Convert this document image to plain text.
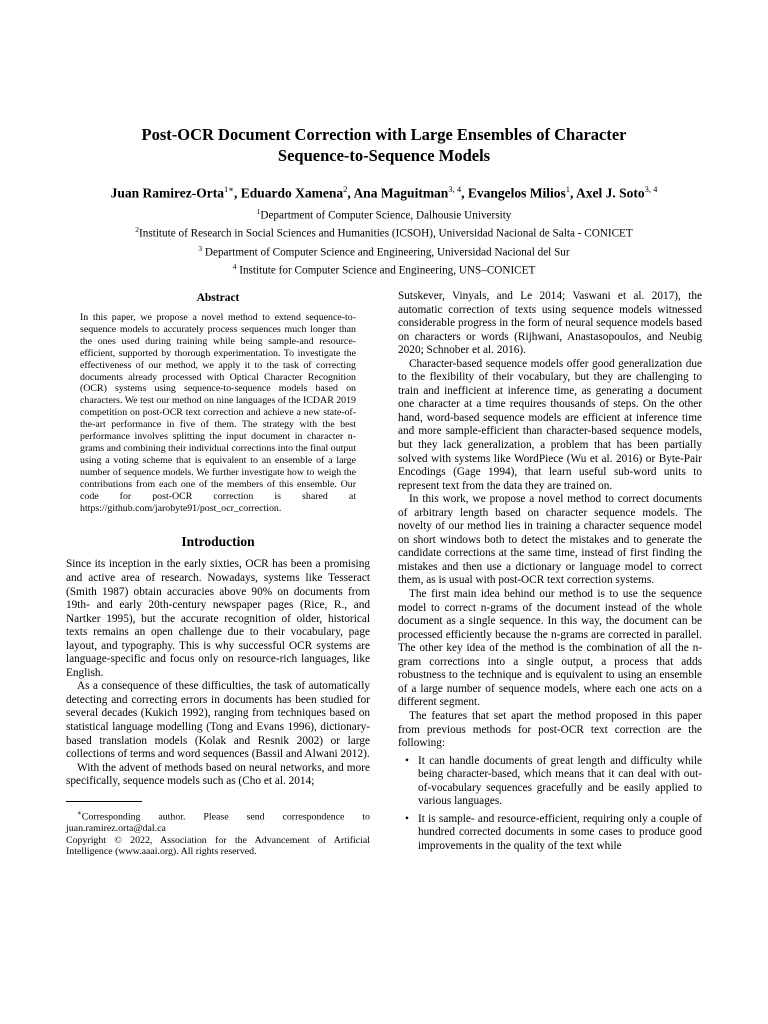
Post-OCR Document Correction with Large Ensembles of Character
Sequence-to-Sequence Models

Juan Ramirez-Orta$^{1∗}$, Eduardo Xamena$^2$, Ana Maguitman$^{3, 4}$, Evangelos Milios$^1$, Axel J. Soto$^{3, 4}$

$^1$Department of Computer Science, Dalhousie University
$^2$Institute of Research in Social Sciences and Humanities (ICSOH), Universidad Nacional de Salta - CONICET
$^3$ Department of Computer Science and Engineering, Universidad Nacional del Sur
$^4$ Institute for Computer Science and Engineering, UNS–CONICET
Abstract

In this paper, we propose a novel method to extend sequence-to-sequence models to accurately process sequences much longer than the ones used during training while being sample-and resource-efficient, supported by thorough experimentation. To investigate the effectiveness of our method, we apply it to the task of correcting documents already processed with Optical Character Recognition (OCR) systems using sequence-to-sequence models based on characters. We test our method on nine languages of the ICDAR 2019 competition on post-OCR text correction and achieve a new state-of-the-art performance in five of them. The strategy with the best performance involves splitting the input document in character n-grams and combining their individual corrections into the final output using a voting scheme that is equivalent to an ensemble of a large number of sequence models. We further investigate how to weigh the contributions from each one of the members of this ensemble. Our code for post-OCR correction is shared at https://github.com/jarobyte91/post_ocr_correction.

Introduction

Since its inception in the early sixties, OCR has been a promising and active area of research. Nowadays, systems like Tesseract (Smith 1987) obtain accuracies above 90% on documents from 19th- and early 20th-century newspaper pages (Rice, R., and Nartker 1995), but the accurate recognition of older, historical texts remains an open challenge due to their vocabulary, page layout, and typography. This is why successful OCR systems are language-specific and focus only on resource-rich languages, like English.

As a consequence of these difficulties, the task of automatically detecting and correcting errors in documents has been studied for several decades (Kukich 1992), ranging from techniques based on statistical language modelling (Tong and Evans 1996), dictionary-based translation models (Kolak and Resnik 2002) or large collections of terms and word sequences (Bassil and Alwani 2012).

With the advent of methods based on neural networks, and more specifically, sequence models such as (Cho et al. 2014;

∗Corresponding author. Please send correspondence to juan.ramirez.orta@dal.ca

Copyright © 2022, Association for the Advancement of Artificial Intelligence (www.aaai.org). All rights reserved.

Sutskever, Vinyals, and Le 2014; Vaswani et al. 2017), the automatic correction of texts using sequence models witnessed considerable progress in the form of neural sequence models based on characters or words (Rijhwani, Anastasopoulos, and Neubig 2020; Schnober et al. 2016).

Character-based sequence models offer good generalization due to the flexibility of their vocabulary, but they are challenging to train and inefficient at inference time, as generating a document one character at a time requires thousands of steps. On the other hand, word-based sequence models are efficient at inference time and more sample-efficient than character-based sequence models, but they lack generalization, a problem that has been partially solved with systems like WordPiece (Wu et al. 2016) or Byte-Pair Encodings (Gage 1994), that learn useful sub-word units to represent text from the data they are trained on.

In this work, we propose a novel method to correct documents of arbitrary length based on character sequence models. The novelty of our method lies in training a character sequence model on short windows both to detect the mistakes and to generate the candidate corrections at the same time, instead of first finding the mistakes and then use a dictionary or language model to correct them, as is usual with post-OCR text correction systems.

The first main idea behind our method is to use the sequence model to correct n-grams of the document instead of the whole document as a single sequence. In this way, the document can be processed efficiently because the n-grams are corrected in parallel. The other key idea of the method is the combination of all the n-gram corrections into a single output, a process that adds robustness to the technique and is equivalent to using an ensemble of a large number of sequence models, where each one acts on a different segment.

The features that set apart the method proposed in this paper from previous methods for post-OCR text correction are the following:

• It can handle documents of great length and difficulty while being character-based, which means that it can deal with out-of-vocabulary sequences gracefully and be easily applied to various languages.
• It is sample- and resource-efficient, requiring only a couple of hundred corrected documents in some cases to produce good improvements in the quality of the text while
